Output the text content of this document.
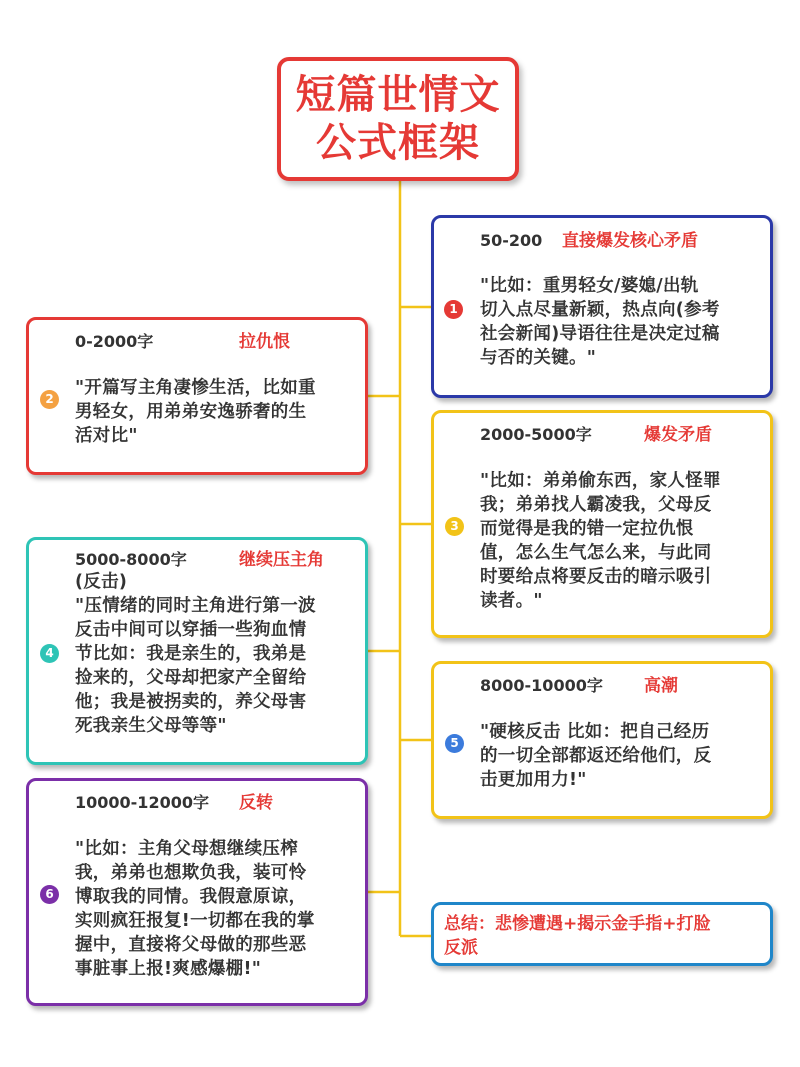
短篇世情文
公式框架
50-200 直接爆发核心矛盾
"比如：重男轻女/婆媳/出轨
切入点尽量新颖，热点向(参考
社会新闻)导语往往是决定过稿
与否的关键。"
1
0-2000字	拉仇恨
"开篇写主角凄惨生活，比如重
男轻女，用弟弟安逸骄奢的生
活对比"
2
2000-5000字	爆发矛盾
"比如：弟弟偷东西，家人怪罪
我；弟弟找人霸凌我，父母反
而觉得是我的错一定拉仇恨
值，怎么生气怎么来，与此同
时要给点将要反击的暗示吸引
读者。"
3
5000-8000字	继续压主角
(反击)
"压情绪的同时主角进行第一波
反击中间可以穿插一些狗血情
节比如：我是亲生的，我弟是
捡来的，父母却把家产全留给
他；我是被拐卖的，养父母害
死我亲生父母等等"
4
8000-10000字 高潮
"硬核反击 比如：把自己经历
的一切全部都返还给他们，反
击更加用力!"
5
10000-12000字 反转
"比如：主角父母想继续压榨
我，弟弟也想欺负我，装可怜
博取我的同情。我假意原谅，
实则疯狂报复!一切都在我的掌
握中，直接将父母做的那些恶
事脏事上报!爽感爆棚!"
6
总结：悲惨遭遇+揭示金手指+打脸
反派
